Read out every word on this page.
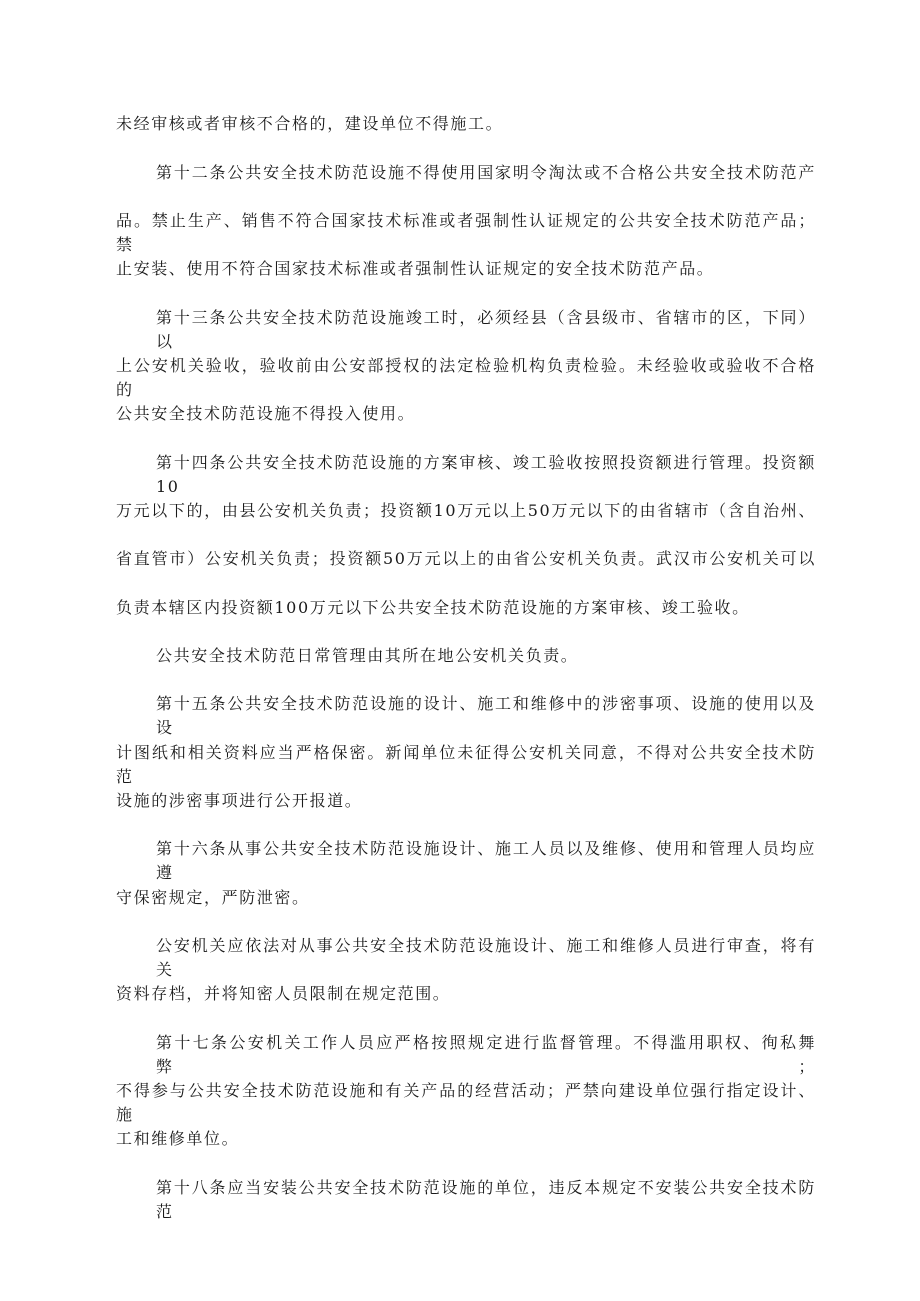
未经审核或者审核不合格的，建设单位不得施工。
第十二条公共安全技术防范设施不得使用国家明令淘汰或不合格公共安全技术防范产
品。禁止生产、销售不符合国家技术标准或者强制性认证规定的公共安全技术防范产品；禁
止安装、使用不符合国家技术标准或者强制性认证规定的安全技术防范产品。
第十三条公共安全技术防范设施竣工时，必须经县（含县级市、省辖市的区，下同）以
上公安机关验收，验收前由公安部授权的法定检验机构负责检验。未经验收或验收不合格的
公共安全技术防范设施不得投入使用。
第十四条公共安全技术防范设施的方案审核、竣工验收按照投资额进行管理。投资额10
万元以下的，由县公安机关负责；投资额10万元以上50万元以下的由省辖市（含自治州、
省直管市）公安机关负责；投资额50万元以上的由省公安机关负责。武汉市公安机关可以
负责本辖区内投资额100万元以下公共安全技术防范设施的方案审核、竣工验收。
公共安全技术防范日常管理由其所在地公安机关负责。
第十五条公共安全技术防范设施的设计、施工和维修中的涉密事项、设施的使用以及设
计图纸和相关资料应当严格保密。新闻单位未征得公安机关同意，不得对公共安全技术防范
设施的涉密事项进行公开报道。
第十六条从事公共安全技术防范设施设计、施工人员以及维修、使用和管理人员均应遵
守保密规定，严防泄密。
公安机关应依法对从事公共安全技术防范设施设计、施工和维修人员进行审查，将有关
资料存档，并将知密人员限制在规定范围。
第十七条公安机关工作人员应严格按照规定进行监督管理。不得滥用职权、徇私舞弊；
不得参与公共安全技术防范设施和有关产品的经营活动；严禁向建设单位强行指定设计、施
工和维修单位。
第十八条应当安装公共安全技术防范设施的单位，违反本规定不安装公共安全技术防范
